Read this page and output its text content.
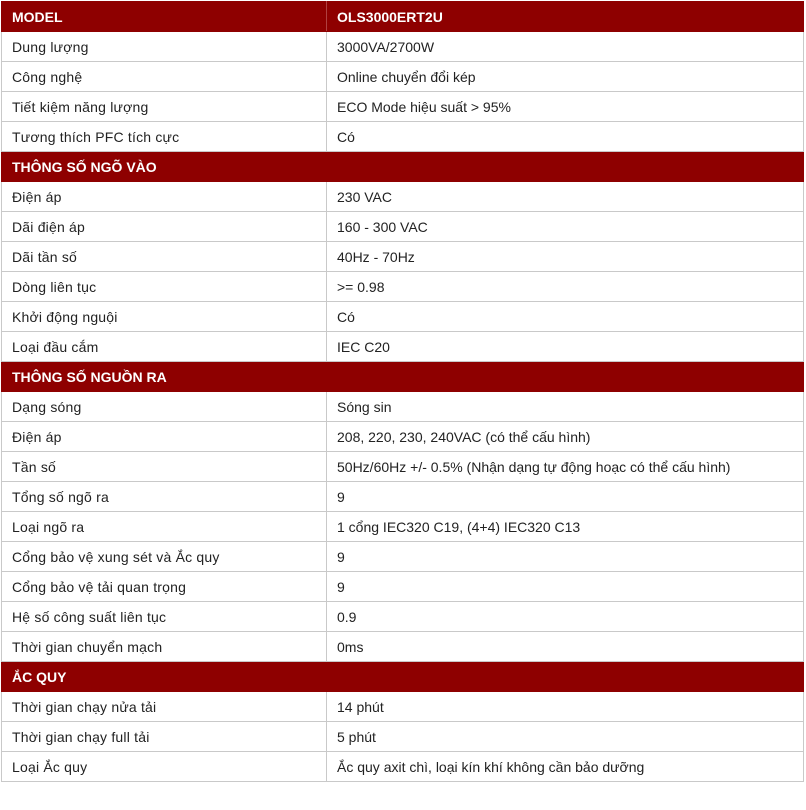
MODEL	OLS3000ERT2U
Dung lượng	3000VA/2700W
Công nghệ	Online chuyển đổi kép
Tiết kiệm năng lượng	ECO Mode hiệu suất > 95%
Tương thích PFC tích cực	Có
THÔNG SỐ NGÕ VÀO	
Điện áp	230 VAC
Dãi điện áp	160 - 300 VAC
Dãi tần số	40Hz - 70Hz
Dòng liên tục	>= 0.98
Khởi động nguội	Có
Loại đầu cắm	IEC C20
THÔNG SỐ NGUỒN RA	
Dạng sóng	Sóng sin
Điện áp	208, 220, 230, 240VAC (có thể cấu hình)
Tần số	50Hz/60Hz +/- 0.5% (Nhận dạng tự động hoạc có thể cấu hình)
Tổng số ngõ ra	9
Loại ngõ ra	1 cổng IEC320 C19, (4+4) IEC320 C13
Cổng bảo vệ xung sét và Ắc quy	9
Cổng bảo vệ tải quan trọng	9
Hệ số công suất liên tục	0.9
Thời gian chuyển mạch	0ms
ẮC QUY	
Thời gian chạy nửa tải	14 phút
Thời gian chạy full tải	5 phút
Loại Ắc quy	Ắc quy axit chì, loại kín khí không cần bảo dưỡng
